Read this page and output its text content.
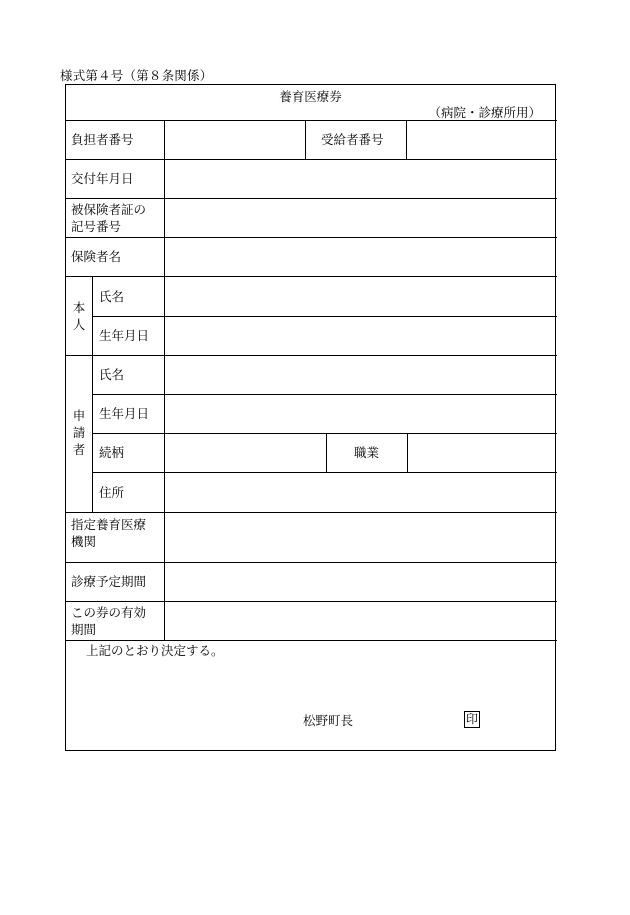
様式第４号（第８条関係）
養育医療券
（病院・診療所用）
負担者番号	受給者番号
交付年月日
被保険者証の
記号番号
保険者名
本
人
氏名
生年月日
申
請
者
氏名
生年月日
続柄	職業
住所
指定養育医療
機関
診療予定期間
この券の有効
期間
上記のとおり決定する。
松野町長	印
